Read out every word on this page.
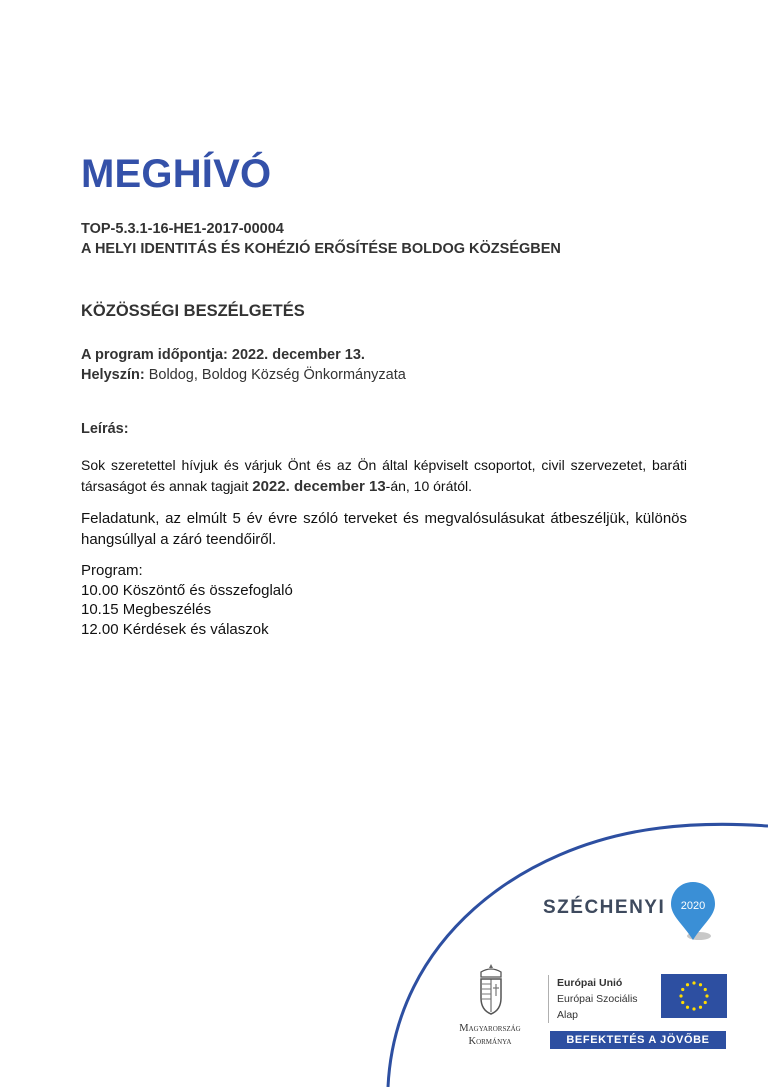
MEGHÍVÓ
TOP-5.3.1-16-HE1-2017-00004
A HELYI IDENTITÁS ÉS KOHÉZIÓ ERŐSÍTÉSE BOLDOG KÖZSÉGBEN
KÖZÖSSÉGI BESZÉLGETÉS
A program időpontja: 2022. december 13.
Helyszín: Boldog, Boldog Község Önkormányzata
Leírás:
Sok szeretettel hívjuk és várjuk Önt és az Ön által képviselt csoportot, civil szervezetet, baráti társaságot és annak tagjait 2022. december 13-án, 10 órától.
Feladatunk, az elmúlt 5 év évre szóló terveket és megvalósulásukat átbeszéljük, különös hangsúllyal a záró teendőiről.
Program:
10.00 Köszöntő és összefoglaló
10.15 Megbeszélés
12.00 Kérdések és válaszok
SZÉCHENYI 2020
Magyarország
Kormánya
Európai Unió
Európai Szociális
Alap
BEFEKTETÉS A JÖVŐBE
